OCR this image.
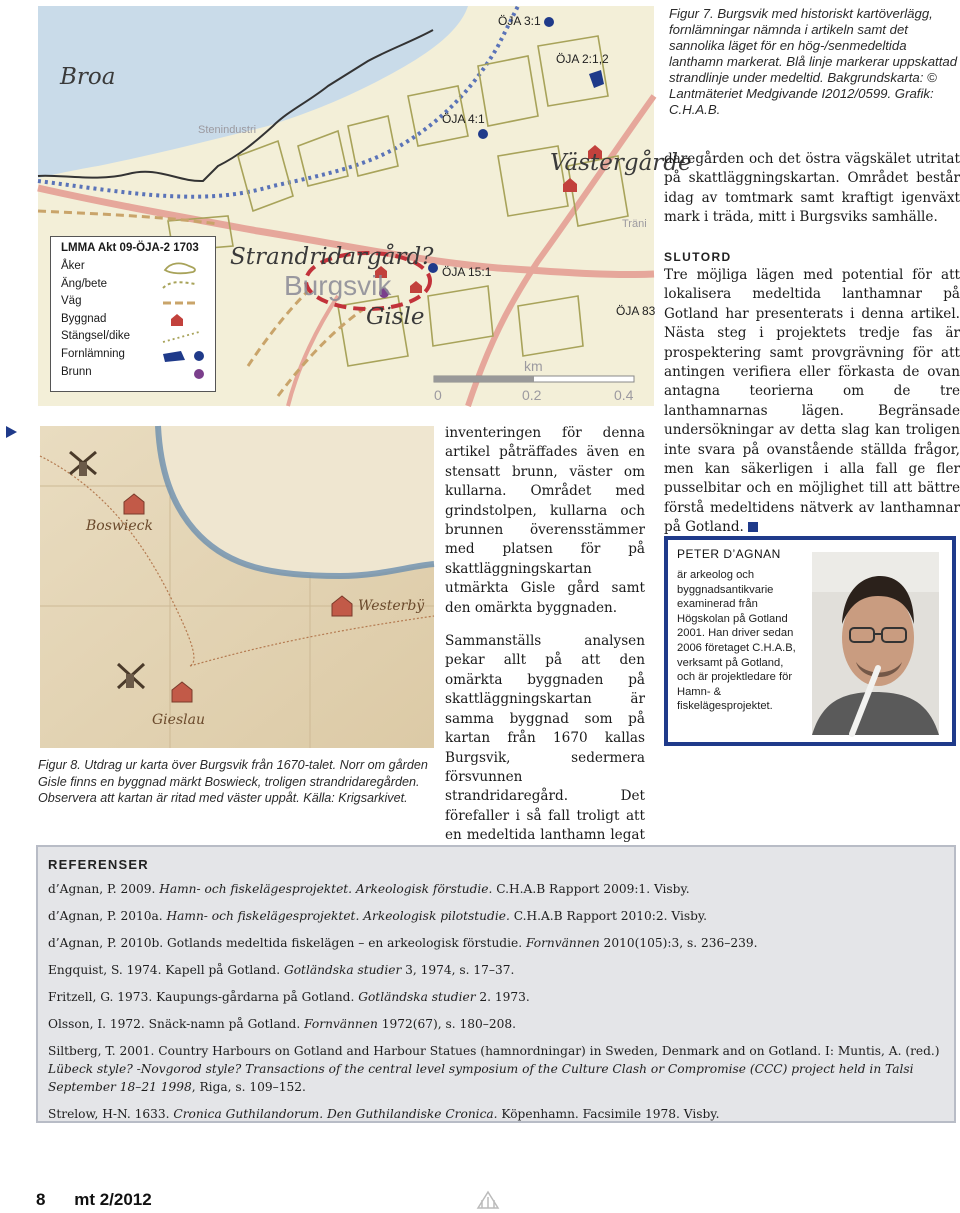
Broa
Stenindustri
ÖJA 3:1
ÖJA 2:1,2
ÖJA 4:1
Västergårde
Träni
Strandridargård?
Burgsvik
Gisle
ÖJA 15:1
ÖJA 83
km
0	0.2	0.4
LMMA Akt 09-ÖJA-2 1703
Åker
Äng/bete
Väg
Byggnad
Stängsel/dike
Fornlämning
Brunn
Figur 7. Burgsvik med historiskt kartöverlägg, fornlämningar nämnda i artikeln samt det sannolika läget för en hög-/senmedeltida lanthamn markerat. Blå linje markerar uppskattad strandlinje under medeltid. Bakgrundskarta: © Lantmäteriet Medgivande I2012/0599. Grafik: C.H.A.B.
daregården och det östra vägskälet utritat på skattläggningskartan. Området består idag av tomtmark samt kraftigt igenväxt mark i träda, mitt i Burgsviks samhälle.
SLUTORD
Tre möjliga lägen med potential för att lokalisera medeltida lanthamnar på Gotland har presenterats i denna artikel. Nästa steg i projektets tredje fas är prospektering samt provgrävning för att antingen verifiera eller förkasta de ovan antagna teorierna om de tre lanthamnarnas lägen. Begränsade undersökningar av detta slag kan troligen inte svara på ovanstående ställda frågor, men kan säkerligen i alla fall ge fler pusselbitar och en möjlighet till att bättre förstå medeltidens nätverk av lanthamnar på Gotland.

inventeringen för denna artikel påträffades även en stensatt brunn, väster om kullarna. Området med grindstolpen, kullarna och brunnen överensstämmer med platsen för på skattläggningskartan utmärkta Gisle gård samt den omärkta byggnaden.

Sammanställs analysen pekar allt på att den omärkta byggnaden på skattläggningskartan är samma byggnad som på kartan från 1670 kallas Burgsvik, sedermera försvunnen strandridaregård. Det förefaller i så fall troligt att en medeltida lanthamn legat

Boswieck
Westerbÿ
Gieslau
Figur 8. Utdrag ur karta över Burgsvik från 1670-talet. Norr om gården Gisle finns en byggnad märkt Boswieck, troligen strandridaregården. Observera att kartan är ritad med väster uppåt. Källa: Krigsarkivet.
PETER D’AGNAN
är arkeolog och byggnadsantikvarie examinerad från Högskolan på Gotland 2001. Han driver sedan 2006 företaget C.H.A.B, verksamt på Gotland, och är projektledare för Hamn- & fiskelägesprojektet.
REFERENSER
d’Agnan, P. 2009. Hamn- och fiskelägesprojektet. Arkeologisk förstudie. C.H.A.B Rapport 2009:1. Visby.
d’Agnan, P. 2010a. Hamn- och fiskelägesprojektet. Arkeologisk pilotstudie. C.H.A.B Rapport 2010:2. Visby.
d’Agnan, P. 2010b. Gotlands medeltida fiskelägen – en arkeologisk förstudie. Fornvännen 2010(105):3, s. 236–239.
Engquist, S. 1974. Kapell på Gotland. Gotländska studier 3, 1974, s. 17–37.
Fritzell, G. 1973. Kaupungs-gårdarna på Gotland. Gotländska studier 2. 1973.
Olsson, I. 1972. Snäck-namn på Gotland. Fornvännen 1972(67), s. 180–208.
Siltberg, T. 2001. Country Harbours on Gotland and Harbour Statues (hamnordningar) in Sweden, Denmark and on Gotland. I: Muntis, A. (red.) Lübeck style? -Novgorod style? Transactions of the central level symposium of the Culture Clash or Compromise (CCC) project held in Talsi September 18–21 1998, Riga, s. 109–152.
Strelow, H-N. 1633. Cronica Guthilandorum. Den Guthilandiske Cronica. Köpenhamn. Facsimile 1978. Visby.
8 mt 2/2012
